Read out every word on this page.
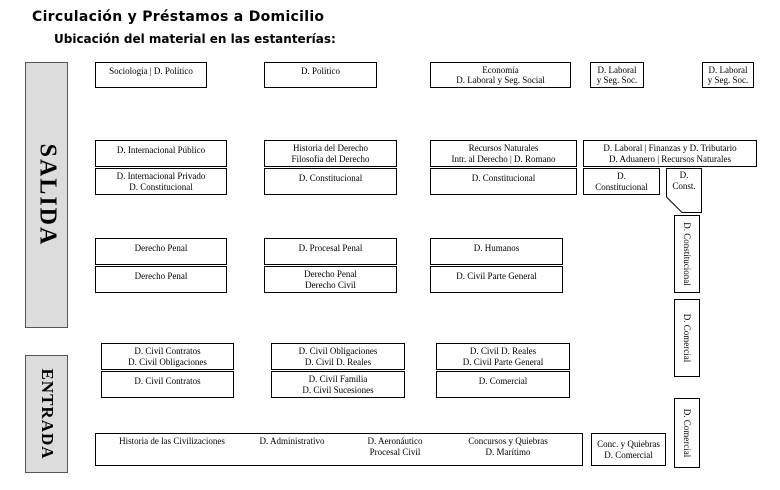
Circulación y Préstamos a Domicilio
Ubicación del material en las estanterías:
SALIDA
ENTRADA
Sociología | D. Político	D. Político	Economía
D. Laboral y Seg. Social
D. Laboral
y Seg. Soc.
D. Laboral
y Seg. Soc.
D. Internacional Público	Historia del Derecho
Filosofía del Derecho
Recursos Naturales
Intr. al Derecho | D. Romano
D. Laboral | Finanzas y D. Tributario
D. Aduanero | Recursos Naturales
D. Internacional Privado
D. Constitucional
D. Constitucional	D. Constitucional	D.
Constitucional
D.
Const.
Derecho Penal	D. Procesal Penal	D. Humanos
Derecho Penal	Derecho Penal
Derecho Civil
D. Civil Parte General
D. Civil Contratos
D. Civil Obligaciones
D. Civil Obligaciones
D. Civil D. Reales
D. Civil D. Reales
D. Civil Parte General
D. Civil Contratos	D. Civil Familia
D. Civil Sucesiones
D. Comercial
D. Constitucional
D. Comercial
D. Comercial
Historia de las Civilizaciones	D. Administrativo	D. Aeronáutico
Procesal Civil
Concursos y Quiebras
D. Marítimo
Conc. y Quiebras
D. Comercial
